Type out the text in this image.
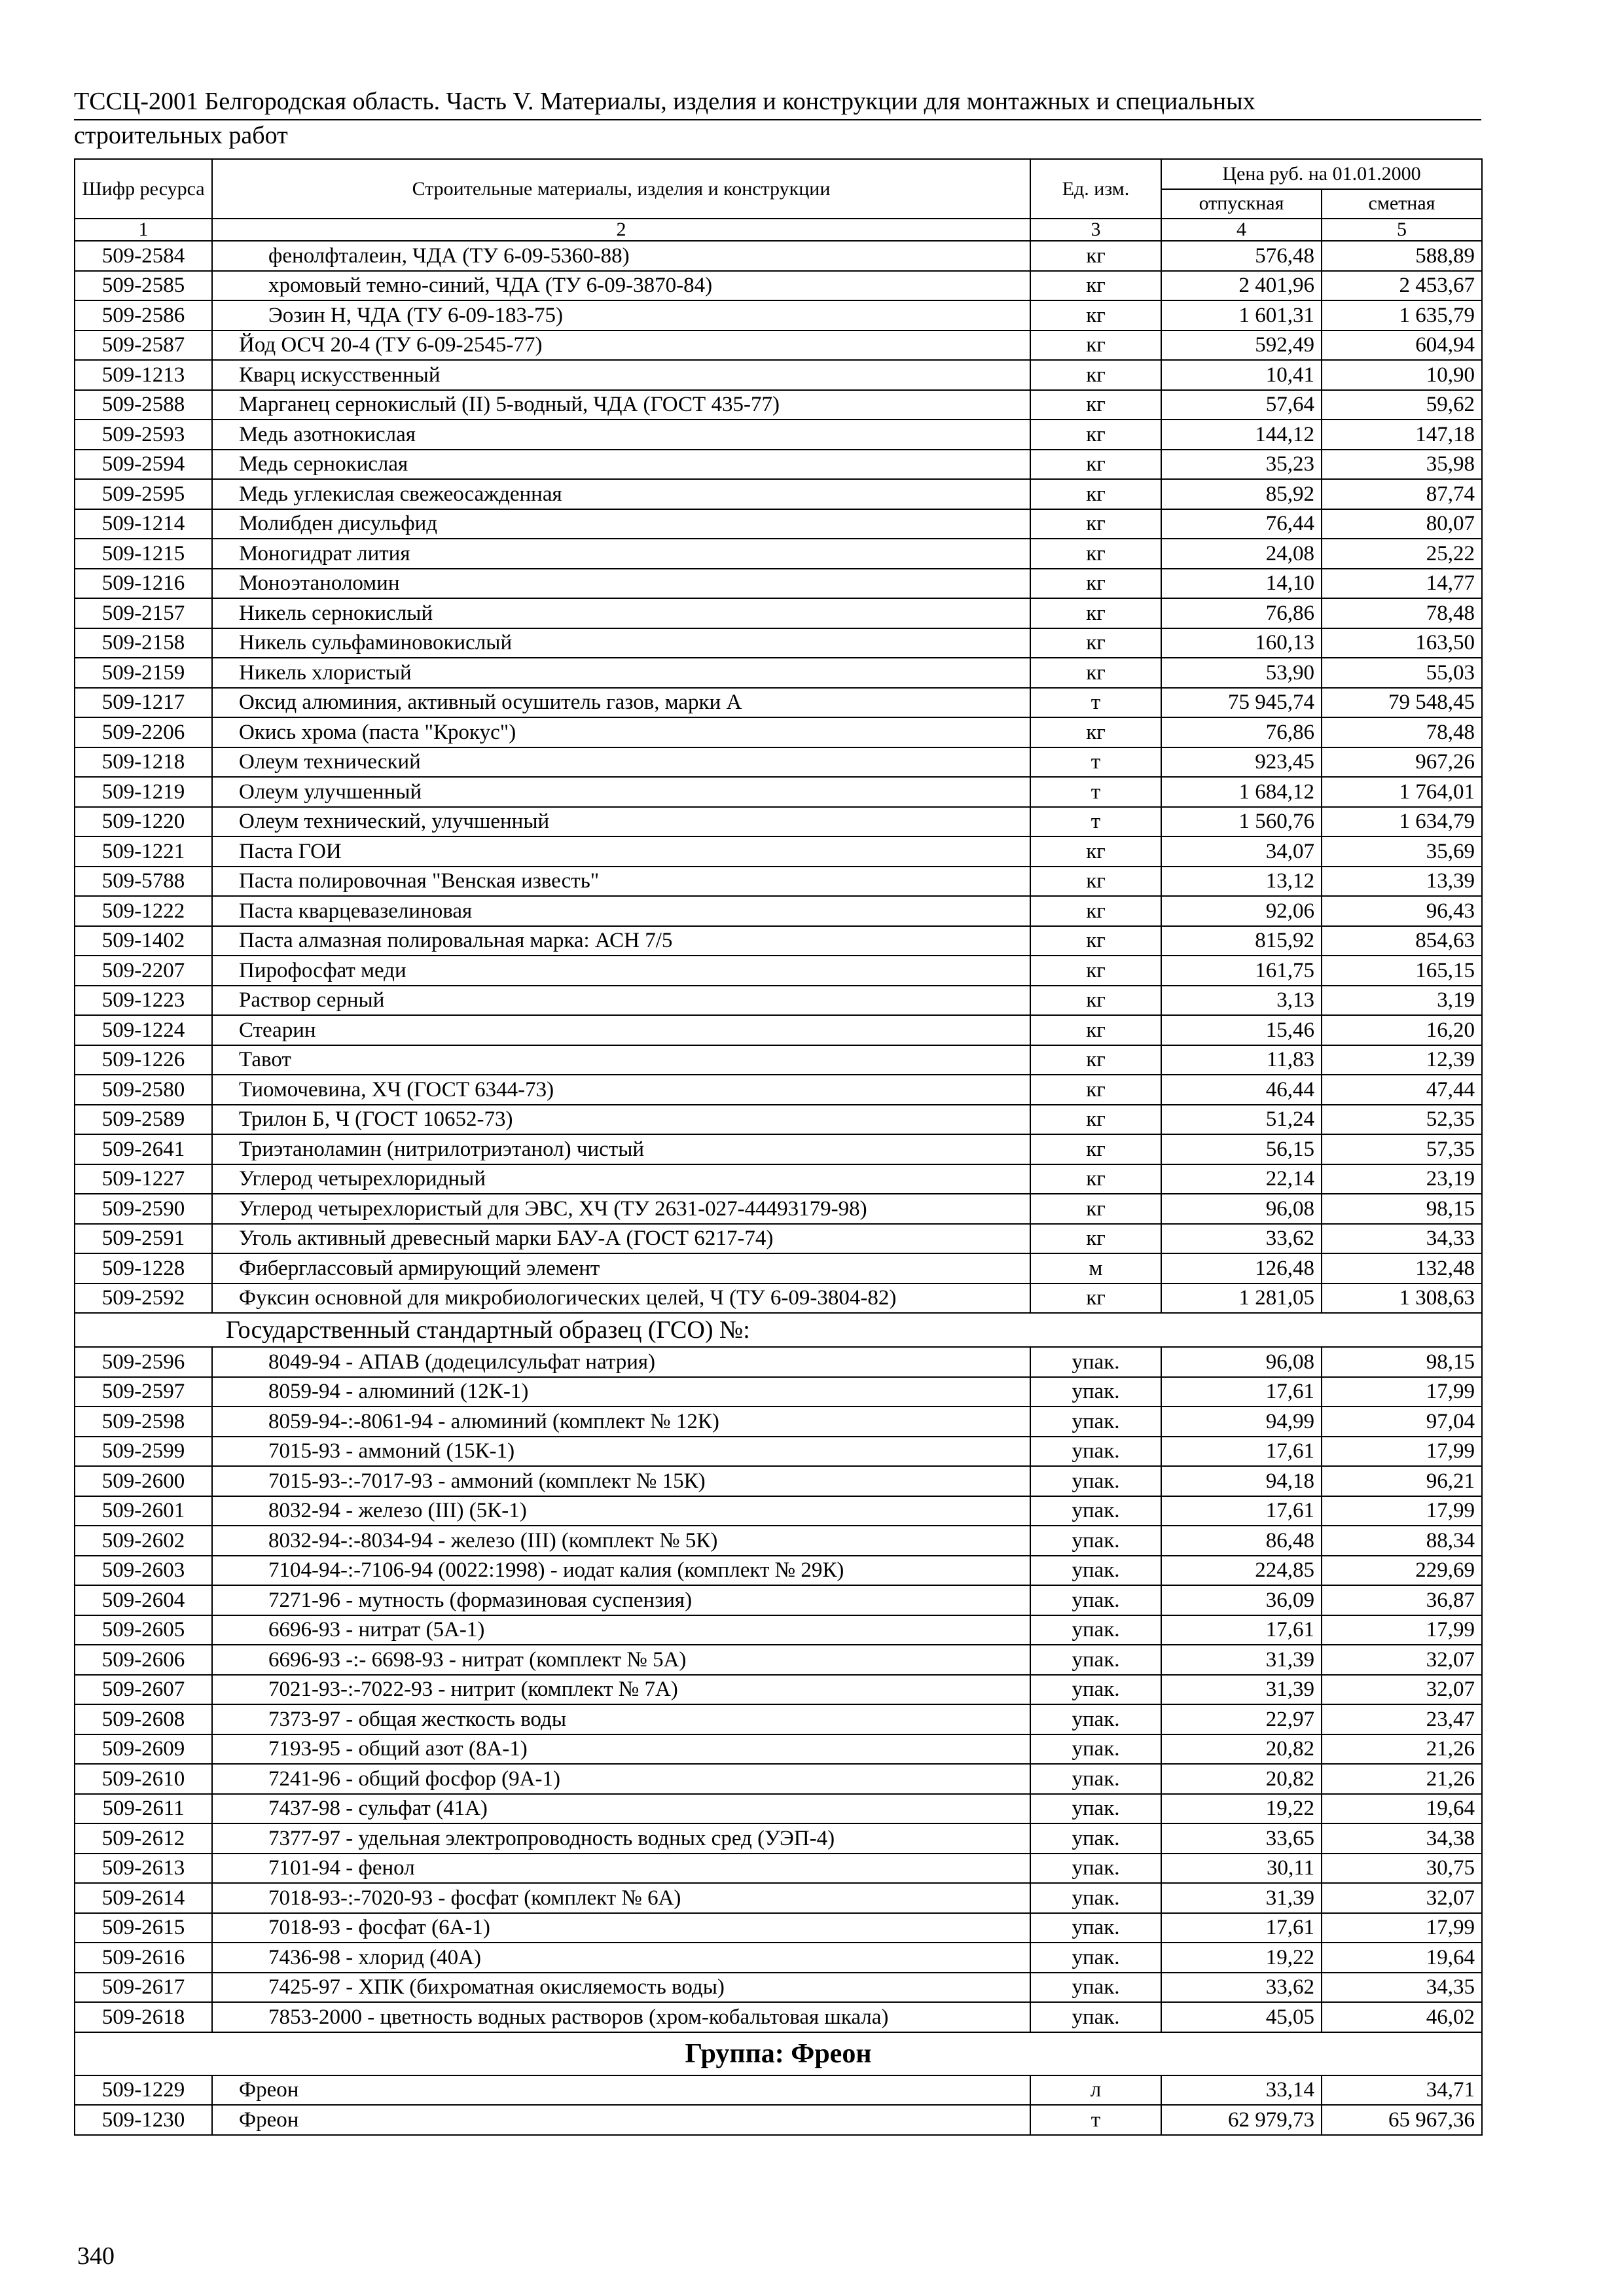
ТССЦ-2001 Белгородская область. Часть V. Материалы, изделия и конструкции для монтажных и специальных
строительных работ
Шифр ресурса	Строительные материалы, изделия и конструкции	Ед. изм.	Цена руб. на 01.01.2000	
			отпускная	сметная
1	2	3	4	5
509-2584	фенолфталеин, ЧДА (ТУ 6-09-5360-88)	кг	576,48	588,89
509-2585	хромовый темно-синий, ЧДА (ТУ 6-09-3870-84)	кг	2 401,96	2 453,67
509-2586	Эозин Н, ЧДА (ТУ 6-09-183-75)	кг	1 601,31	1 635,79
509-2587	Йод ОСЧ 20-4 (ТУ 6-09-2545-77)	кг	592,49	604,94
509-1213	Кварц искусственный	кг	10,41	10,90
509-2588	Марганец сернокислый (II) 5-водный, ЧДА (ГОСТ 435-77)	кг	57,64	59,62
509-2593	Медь азотнокислая	кг	144,12	147,18
509-2594	Медь сернокислая	кг	35,23	35,98
509-2595	Медь углекислая свежеосажденная	кг	85,92	87,74
509-1214	Молибден дисульфид	кг	76,44	80,07
509-1215	Моногидрат лития	кг	24,08	25,22
509-1216	Моноэтаноломин	кг	14,10	14,77
509-2157	Никель сернокислый	кг	76,86	78,48
509-2158	Никель сульфаминовокислый	кг	160,13	163,50
509-2159	Никель хлористый	кг	53,90	55,03
509-1217	Оксид алюминия, активный осушитель газов, марки А	т	75 945,74	79 548,45
509-2206	Окись хрома (паста "Крокус")	кг	76,86	78,48
509-1218	Олеум технический	т	923,45	967,26
509-1219	Олеум улучшенный	т	1 684,12	1 764,01
509-1220	Олеум технический, улучшенный	т	1 560,76	1 634,79
509-1221	Паста ГОИ	кг	34,07	35,69
509-5788	Паста полировочная "Венская известь"	кг	13,12	13,39
509-1222	Паста кварцевазелиновая	кг	92,06	96,43
509-1402	Паста алмазная полировальная марка: АСН 7/5	кг	815,92	854,63
509-2207	Пирофосфат меди	кг	161,75	165,15
509-1223	Раствор серный	кг	3,13	3,19
509-1224	Стеарин	кг	15,46	16,20
509-1226	Тавот	кг	11,83	12,39
509-2580	Тиомочевина, ХЧ (ГОСТ 6344-73)	кг	46,44	47,44
509-2589	Трилон Б, Ч (ГОСТ 10652-73)	кг	51,24	52,35
509-2641	Триэтаноламин (нитрилотриэтанол) чистый	кг	56,15	57,35
509-1227	Углерод четырехлоридный	кг	22,14	23,19
509-2590	Углерод четырехлористый для ЭВС, ХЧ (ТУ 2631-027-44493179-98)	кг	96,08	98,15
509-2591	Уголь активный древесный марки БАУ-А (ГОСТ 6217-74)	кг	33,62	34,33
509-1228	Фиберглассовый армирующий элемент	м	126,48	132,48
509-2592	Фуксин основной для микробиологических целей, Ч (ТУ 6-09-3804-82)	кг	1 281,05	1 308,63
Государственный стандартный образец (ГСО) №:				
509-2596	8049-94 - АПАВ (додецилсульфат натрия)	упак.	96,08	98,15
509-2597	8059-94 - алюминий (12К-1)	упак.	17,61	17,99
509-2598	8059-94-:-8061-94 - алюминий (комплект № 12К)	упак.	94,99	97,04
509-2599	7015-93 - аммоний (15К-1)	упак.	17,61	17,99
509-2600	7015-93-:-7017-93 - аммоний (комплект № 15К)	упак.	94,18	96,21
509-2601	8032-94 - железо (III) (5К-1)	упак.	17,61	17,99
509-2602	8032-94-:-8034-94 - железо (III) (комплект № 5К)	упак.	86,48	88,34
509-2603	7104-94-:-7106-94 (0022:1998) - иодат калия (комплект № 29К)	упак.	224,85	229,69
509-2604	7271-96 - мутность (формазиновая суспензия)	упак.	36,09	36,87
509-2605	6696-93 - нитрат (5А-1)	упак.	17,61	17,99
509-2606	6696-93 -:- 6698-93 - нитрат (комплект № 5А)	упак.	31,39	32,07
509-2607	7021-93-:-7022-93 - нитрит (комплект № 7А)	упак.	31,39	32,07
509-2608	7373-97 - общая жесткость воды	упак.	22,97	23,47
509-2609	7193-95 - общий азот (8А-1)	упак.	20,82	21,26
509-2610	7241-96 - общий фосфор (9А-1)	упак.	20,82	21,26
509-2611	7437-98 - сульфат (41А)	упак.	19,22	19,64
509-2612	7377-97 - удельная электропроводность водных сред (УЭП-4)	упак.	33,65	34,38
509-2613	7101-94 - фенол	упак.	30,11	30,75
509-2614	7018-93-:-7020-93 - фосфат (комплект № 6А)	упак.	31,39	32,07
509-2615	7018-93 - фосфат (6А-1)	упак.	17,61	17,99
509-2616	7436-98 - хлорид (40А)	упак.	19,22	19,64
509-2617	7425-97 - ХПК (бихроматная окисляемость воды)	упак.	33,62	34,35
509-2618	7853-2000 - цветность водных растворов (хром-кобальтовая шкала)	упак.	45,05	46,02
Группа: Фреон				
509-1229	Фреон	л	33,14	34,71
509-1230	Фреон	т	62 979,73	65 967,36
340
